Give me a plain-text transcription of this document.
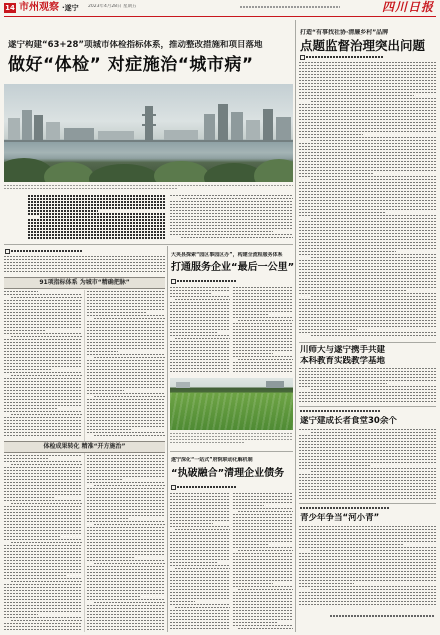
14 市州观察 ·遂宁 2023年4月28日 星期五	四川日报
遂宁构建“63+28”项城市体检指标体系，推动整改措施和项目落地
做好“体检” 对症施治“城市病”
91项指标体系 为城市“精确把脉”
体检成果转化 精准“开方施治”
大英县探索“园区事园区办”，构建全流程服务体系
打通服务企业“最后一公里”
遂宁深化“一站式”府院联动化解机制
“执破融合”清理企业债务
打造“有事找社协·清廉乡村”品牌
点题监督治理突出问题
川师大与遂宁携手共建
本科教育实践教学基地
遂宁建成长者食堂30余个
青少年争当“河小青”
